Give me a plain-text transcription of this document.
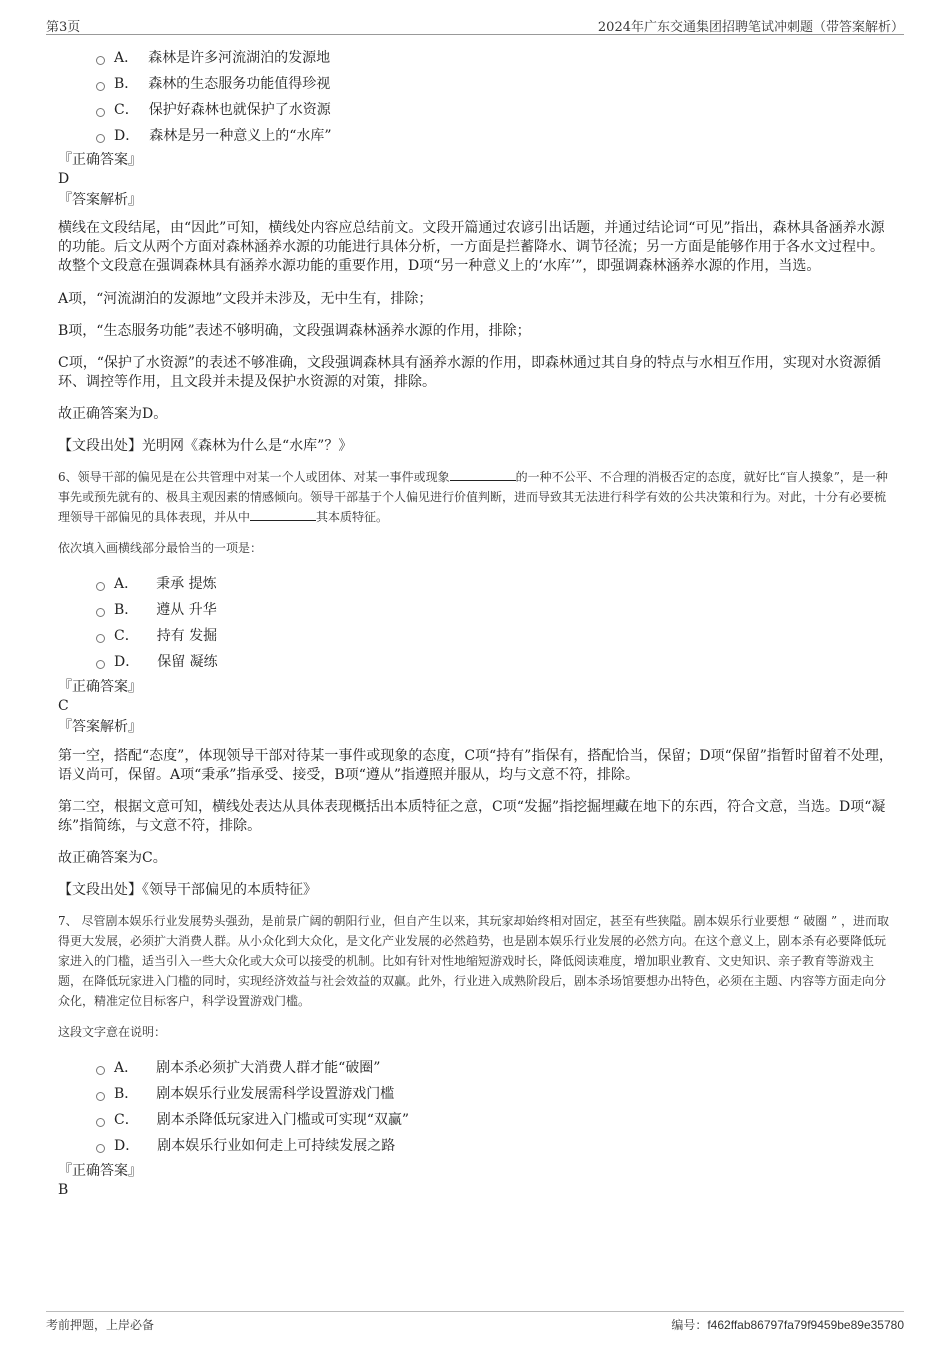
第3页	2024年广东交通集团招聘笔试冲刺题（带答案解析）
A． 森林是许多河流湖泊的发源地
B． 森林的生态服务功能值得珍视
C． 保护好森林也就保护了水资源
D． 森林是另一种意义上的“水库”
『正确答案』
D
『答案解析』

横线在文段结尾，由“因此”可知，横线处内容应总结前文。文段开篇通过农谚引出话题，并通过结论词“可见”指出，森林具备涵养水源的功能。后文从两个方面对森林涵养水源的功能进行具体分析，一方面是拦蓄降水、调节径流；另一方面是能够作用于各水文过程中。故整个文段意在强调森林具有涵养水源功能的重要作用，D项“另一种意义上的‘水库’”，即强调森林涵养水源的作用，当选。

A项，“河流湖泊的发源地”文段并未涉及，无中生有，排除；

B项，“生态服务功能”表述不够明确，文段强调森林涵养水源的作用，排除；

C项，“保护了水资源”的表述不够准确，文段强调森林具有涵养水源的作用，即森林通过其自身的特点与水相互作用，实现对水资源循环、调控等作用，且文段并未提及保护水资源的对策，排除。

故正确答案为D。

【文段出处】光明网《森林为什么是“水库”？》

6、领导干部的偏见是在公共管理中对某一个人或团体、对某一事件或现象	的一种不公平、不合理的消极否定的态度，就好比“盲人摸象”，是一种事先或预先就有的、极具主观因素的情感倾向。领导干部基于个人偏见进行价值判断，进而导致其无法进行科学有效的公共决策和行为。对此，十分有必要梳理领导干部偏见的具体表现，并从中	其本质特征。

依次填入画横线部分最恰当的一项是：

A． 秉承 提炼
B． 遵从 升华
C． 持有 发掘
D． 保留 凝练
『正确答案』
C
『答案解析』

第一空，搭配“态度”，体现领导干部对待某一事件或现象的态度，C项“持有”指保有，搭配恰当，保留；D项“保留”指暂时留着不处理，语义尚可，保留。A项“秉承”指承受、接受，B项“遵从”指遵照并服从，均与文意不符，排除。

第二空，根据文意可知，横线处表达从具体表现概括出本质特征之意，C项“发掘”指挖掘埋藏在地下的东西，符合文意，当选。D项“凝练”指简练，与文意不符，排除。

故正确答案为C。

【文段出处】《领导干部偏见的本质特征》

7、 尽管剧本娱乐行业发展势头强劲，是前景广阔的朝阳行业，但自产生以来，其玩家却始终相对固定，甚至有些狭隘。剧本娱乐行业要想 “ 破圈 ” ，进而取得更大发展，必须扩大消费人群。从小众化到大众化，是文化产业发展的必然趋势，也是剧本娱乐行业发展的必然方向。在这个意义上，剧本杀有必要降低玩家进入的门槛，适当引入一些大众化或大众可以接受的机制。比如有针对性地缩短游戏时长，降低阅读难度，增加职业教育、文史知识、亲子教育等游戏主题，在降低玩家进入门槛的同时，实现经济效益与社会效益的双赢。此外，行业进入成熟阶段后，剧本杀场馆要想办出特色，必须在主题、内容等方面走向分众化，精准定位目标客户，科学设置游戏门槛。

这段文字意在说明：

A． 剧本杀必须扩大消费人群才能“破圈”
B． 剧本娱乐行业发展需科学设置游戏门槛
C． 剧本杀降低玩家进入门槛或可实现“双赢”
D． 剧本娱乐行业如何走上可持续发展之路
『正确答案』
B
考前押题，上岸必备	编号：f462ffab86797fa79f9459be89e35780
